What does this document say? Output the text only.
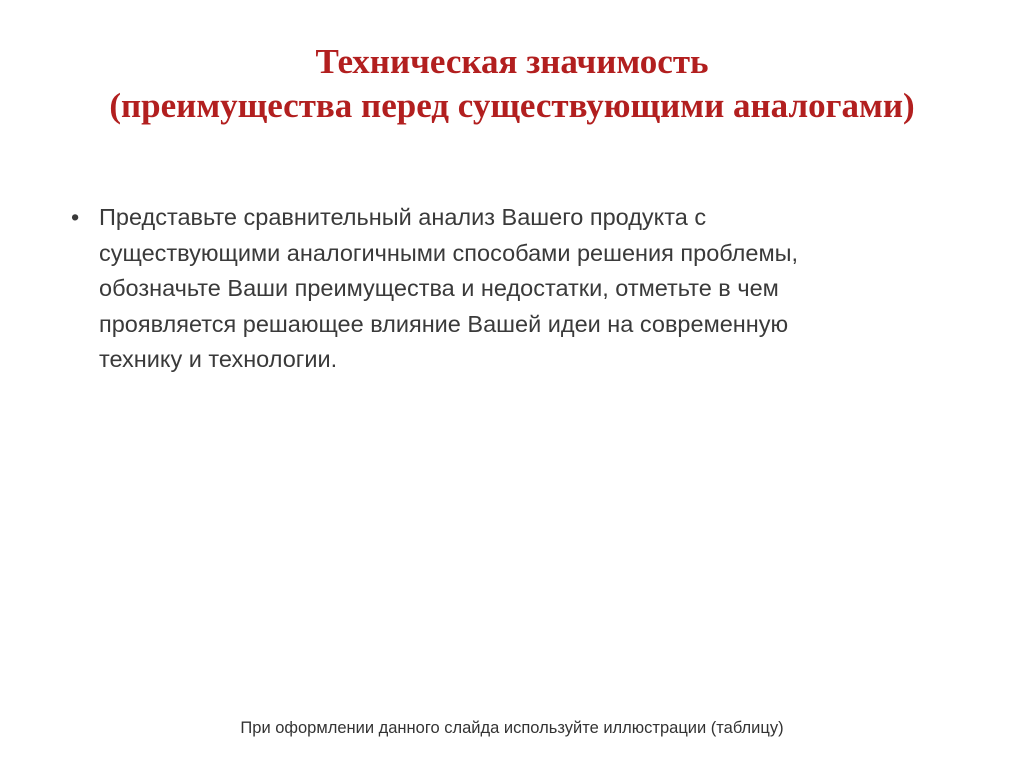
Техническая значимость
(преимущества перед существующими аналогами)
• Представьте сравнительный анализ Вашего продукта с
существующими аналогичными способами решения проблемы,
обозначьте Ваши преимущества и недостатки, отметьте в чем
проявляется решающее влияние Вашей идеи на современную
технику и технологии.
При оформлении данного слайда используйте иллюстрации (таблицу)
